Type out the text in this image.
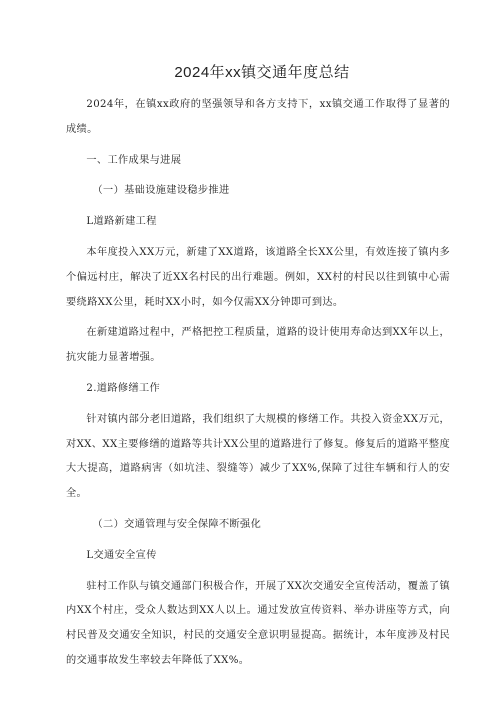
2024年xx镇交通年度总结

2024年，在镇xx政府的坚强领导和各方支持下，xx镇交通工作取得了显著的成绩。

一、工作成果与进展

（一）基础设施建设稳步推进

L道路新建工程

本年度投入XX万元，新建了XX道路，该道路全长XX公里，有效连接了镇内多个偏远村庄，解决了近XX名村民的出行难题。例如，XX村的村民以往到镇中心需要绕路XX公里，耗时XX小时，如今仅需XX分钟即可到达。

在新建道路过程中，严格把控工程质量，道路的设计使用寿命达到XX年以上，抗灾能力显著增强。

2.道路修缮工作

针对镇内部分老旧道路，我们组织了大规模的修缮工作。共投入资金XX万元，对XX、XX主要修缮的道路等共计XX公里的道路进行了修复。修复后的道路平整度大大提高，道路病害（如坑洼、裂缝等）减少了XX%,保障了过往车辆和行人的安全。

（二）交通管理与安全保障不断强化

L交通安全宣传

驻村工作队与镇交通部门积极合作，开展了XX次交通安全宣传活动，覆盖了镇内XX个村庄，受众人数达到XX人以上。通过发放宣传资料、举办讲座等方式，向村民普及交通安全知识，村民的交通安全意识明显提高。据统计，本年度涉及村民的交通事故发生率较去年降低了XX%。
